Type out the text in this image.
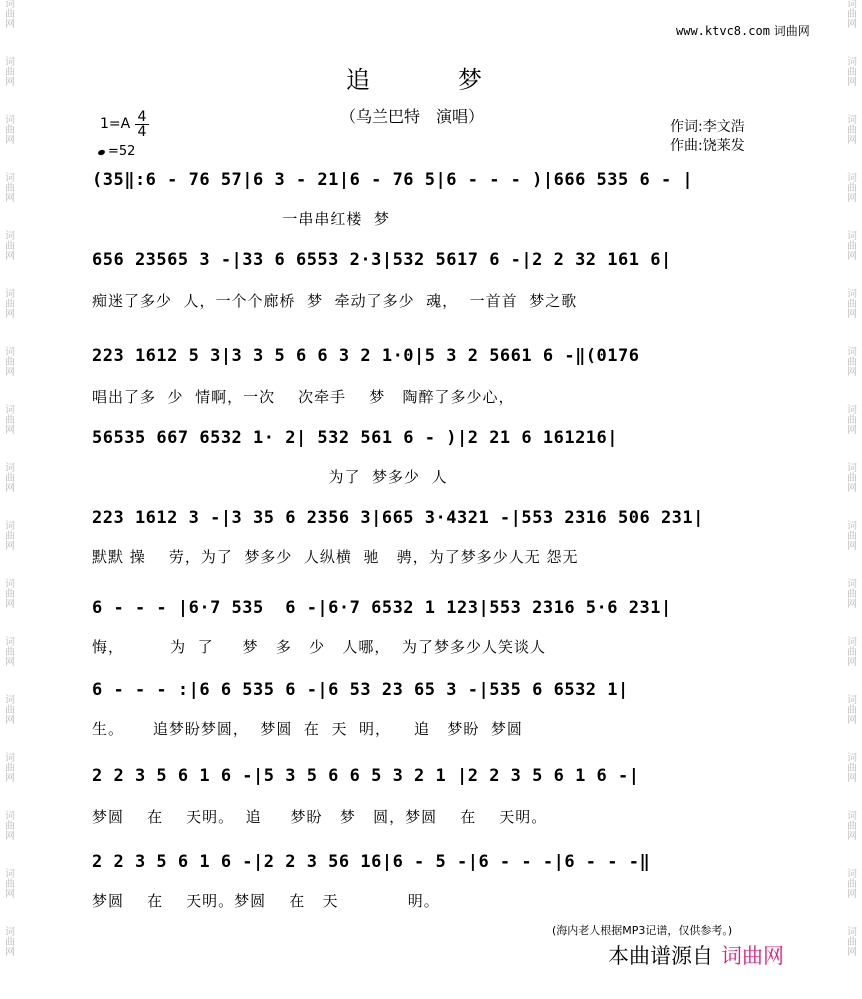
词
曲
网
词
曲
网
词
曲
网
词
曲
网
词
曲
网
词
曲
网
词
曲
网
词
曲
网
词
曲
网
词
曲
网
词
曲
网
词
曲
网
词
曲
网
词
曲
网
词
曲
网
词
曲
网
词
曲
网
词
曲
网
词
曲
网
词
曲
网
词
曲
网
词
曲
网
词
曲
网
词
曲
网
词
曲
网
词
曲
网
词
曲
网
词
曲
网
词
曲
网
词
曲
网
词
曲
网
词
曲
网
词
曲
网
词
曲
网
www.ktvc8.com 词曲网
追	梦
（乌兰巴特　演唱）
作词:李文浩
作曲:饶莱发
$1=A \frac{4}{4}$
=52
(35‖:6 - 76 57|6 3 - 21|6 - 76 5|6 - - - )|666 535 6 - |
一串串红楼  梦
656 23565 3 -|33 6 6553 2·3|532 5617 6 -|2 2 32 161 6|
痴迷了多少  人，一个个廊桥  梦  牵动了多少  魂，  一首首  梦之歌
223 1612 5 3|3 3 5 6 6 3 2 1·0|5 3 2 5661 6 -‖(0176
唱出了多  少  情啊，一次    次牵手    梦   陶醉了多少心，
56535 667 6532 1· 2| 532 561 6 - )|2 21 6 161216|
为了  梦多少  人
223 1612 3 -|3 35 6 2356 3|665 3·4321 -|553 2316 506 231|
默默 操    劳，为了  梦多少  人纵横  驰   骋，为了梦多少人无 怨无
6 - - - |6·7 535  6 -|6·7 6532 1 123|553 2316 5·6 231|
悔，        为  了     梦   多   少   人哪，  为了梦多少人笑谈人
6 - - - :|6 6 535 6 -|6 53 23 65 3 -|535 6 6532 1|
生。     追梦盼梦圆，  梦圆  在  天  明，    追   梦盼  梦圆
2 2 3 5 6 1 6 -|5 3 5 6 6 5 3 2 1 |2 2 3 5 6 1 6 -|
梦圆    在    天明。  追     梦盼   梦   圆，梦圆    在    天明。
2 2 3 5 6 1 6 -|2 2 3 56 16|6 - 5 -|6 - - -|6 - - -‖
梦圆    在    天明。梦圆    在   天            明。
(海内老人根据MP3记谱，仅供参考。)
本曲谱源自 词曲网
